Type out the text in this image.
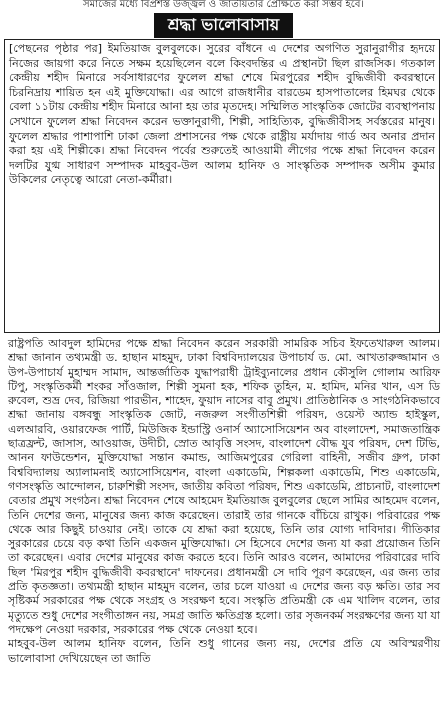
সমাজের মধ্যে বিপ্রশস্ত উজ্জ্বল ও জাতীয়তার প্রেক্ষিতে করা সম্ভব হবে।
শ্রদ্ধা ভালোবাসায়

[পেছনের পৃষ্ঠার পর] ইমতিয়াজ বুলবুলকে। সুরের বাঁধনে এ দেশের অগণিত সুরানুরাগীর হৃদয়ে নিজের জায়গা করে নিতে সক্ষম হয়েছিলেন বলে কিংবদন্তির এ প্রস্থানটা ছিল রাজসিক। গতকাল কেন্দ্রীয় শহীদ মিনারে সর্বসাধারণের ফুলেল শ্রদ্ধা শেষে মিরপুরের শহীদ বুদ্ধিজীবী কবরস্থানে চিরনিদ্রায় শায়িত হন এই মুক্তিযোদ্ধা। এর আগে রাজধানীর বারডেম হাসপাতালের হিমঘর থেকে বেলা ১১টায় কেন্দ্রীয় শহীদ মিনারে আনা হয় তার মৃতদেহ। সম্মিলিত সাংস্কৃতিক জোটের ব্যবস্থাপনায় সেখানে ফুলেল শ্রদ্ধা নিবেদন করেন ভক্তানুরাগী, শিল্পী, সাহিত্যিক, বুদ্ধিজীবীসহ সর্বস্তরের মানুষ। ফুলেল শ্রদ্ধার পাশাপাশি ঢাকা জেলা প্রশাসনের পক্ষ থেকে রাষ্ট্রীয় মর্যাদায় গার্ড অব অনার প্রদান করা হয় এই শিল্পীকে। শ্রদ্ধা নিবেদন পর্বের শুরুতেই আওয়ামী লীগের পক্ষে শ্রদ্ধা নিবেদন করেন দলটির যুগ্ম সাধারণ সম্পাদক মাহবুব-উল আলম হানিফ ও সাংস্কৃতিক সম্পাদক অসীম কুমার উকিলের নেতৃত্বে আরো নেতা-কর্মীরা।

রাষ্ট্রপতি আবদুল হামিদের পক্ষে শ্রদ্ধা নিবেদন করেন সরকারী সামরিক সচিব ইফতেখারুল আলম। শ্রদ্ধা জানান তথ্যমন্ত্রী ড. হাছান মাহমুদ, ঢাকা বিশ্ববিদ্যালয়ের উপাচার্য ড. মো. আখতারুজ্জামান ও উপ-উপাচার্য মুহাম্মদ সামাদ, আন্তর্জাতিক যুদ্ধাপরাধী ট্রাইব্যুনালের প্রধান কৌসুলি গোলাম আরিফ টিপু, সংস্কৃতিকর্মী শংকর সাঁওজাল, শিল্পী সুমনা হক, শফিক তুহিন, ম. হামিদ, মনির খান, এস ডি রুবেল, শুভ্র দেব, রিজিয়া পারভীন, শাহেদ, ফুয়াদ নাসের বাবু প্রমুখ। প্রাতিষ্ঠানিক ও সাংগঠনিকভাবে শ্রদ্ধা জানায় বঙ্গবন্ধু সাংস্কৃতিক জোট, নজরুল সংগীতশিল্পী পরিষদ, ওয়েস্ট অ্যান্ড হাইস্কুল, এলআরবি, ওয়ারফেজ পার্টি, মিউজিক ইন্ডাস্ট্রি ওনার্স অ্যাসোসিয়েশন অব বাংলাদেশ, সমাজতান্ত্রিক ছাত্রফ্রন্ট, জাসাস, আওয়াজ, উদীচী, স্রোত আবৃত্তি সংসদ, বাংলাদেশ বৌদ্ধ যুব পরিষদ, দেশ টিভি, আনন ফাউন্ডেশন, মুক্তিযোদ্ধা সন্তান কমান্ড, আজিমপুরের গেরিলা বাহিনী, সজীব গ্রুপ, ঢাকা বিশ্ববিদ্যালয় অ্যালামনাই অ্যাসোসিয়েশন, বাংলা একাডেমি, শিল্পকলা একাডেমি, শিশু একাডেমি, গণসংস্কৃতি আন্দোলন, চারুশিল্পী সংসদ, জাতীয় কবিতা পরিষদ, শিশু একাডেমি, প্রাচ্যনাট, বাংলাদেশ বেতার প্রমুখ সংগঠন। শ্রদ্ধা নিবেদন শেষে আহমেদ ইমতিয়াজ বুলবুলের ছেলে সামির আহমেদ বলেন, তিনি দেশের জন্য, মানুষের জন্য কাজ করেছেন। তারাই তার গানকে বাঁচিয়ে রাখুক। পরিবারের পক্ষ থেকে আর কিছুই চাওয়ার নেই। তাকে যে শ্রদ্ধা করা হয়েছে, তিনি তার যোগ্য দাবিদার। গীতিকার সুরকারের চেয়ে বড় কথা তিনি একজন মুক্তিযোদ্ধা। সে হিসেবে দেশের জন্য যা করা প্রয়োজন তিনি তা করেছেন। এবার দেশের মানুষের কাজ করতে হবে। তিনি আরও বলেন, আমাদের পরিবারের দাবি ছিল 'মিরপুর শহীদ বুদ্ধিজীবী কবরস্থানে' দাফনের। প্রধানমন্ত্রী সে দাবি পূরণ করেছেন, এর জন্য তার প্রতি কৃতজ্ঞতা। তথ্যমন্ত্রী হাছান মাহমুদ বলেন, তার চলে যাওয়া এ দেশের জন্য বড় ক্ষতি। তার সব সৃষ্টিকর্ম সরকারের পক্ষ থেকে সংগ্রহ ও সংরক্ষণ হবে। সংস্কৃতি প্রতিমন্ত্রী কে এম খালিদ বলেন, তার মৃত্যুতে শুধু দেশের সংগীতাঙ্গন নয়, সমগ্র জাতি ক্ষতিগ্রস্ত হলো। তার সৃজনকর্ম সংরক্ষণের জন্য যা যা পদক্ষেপ নেওয়া দরকার, সরকারের পক্ষ থেকে নেওয়া হবে।

মাহবুব-উল আলম হানিফ বলেন, তিনি শুধু গানের জন্য নয়, দেশের প্রতি যে অবিস্মরণীয় ভালোবাসা দেখিয়েছেন তা জাতি
